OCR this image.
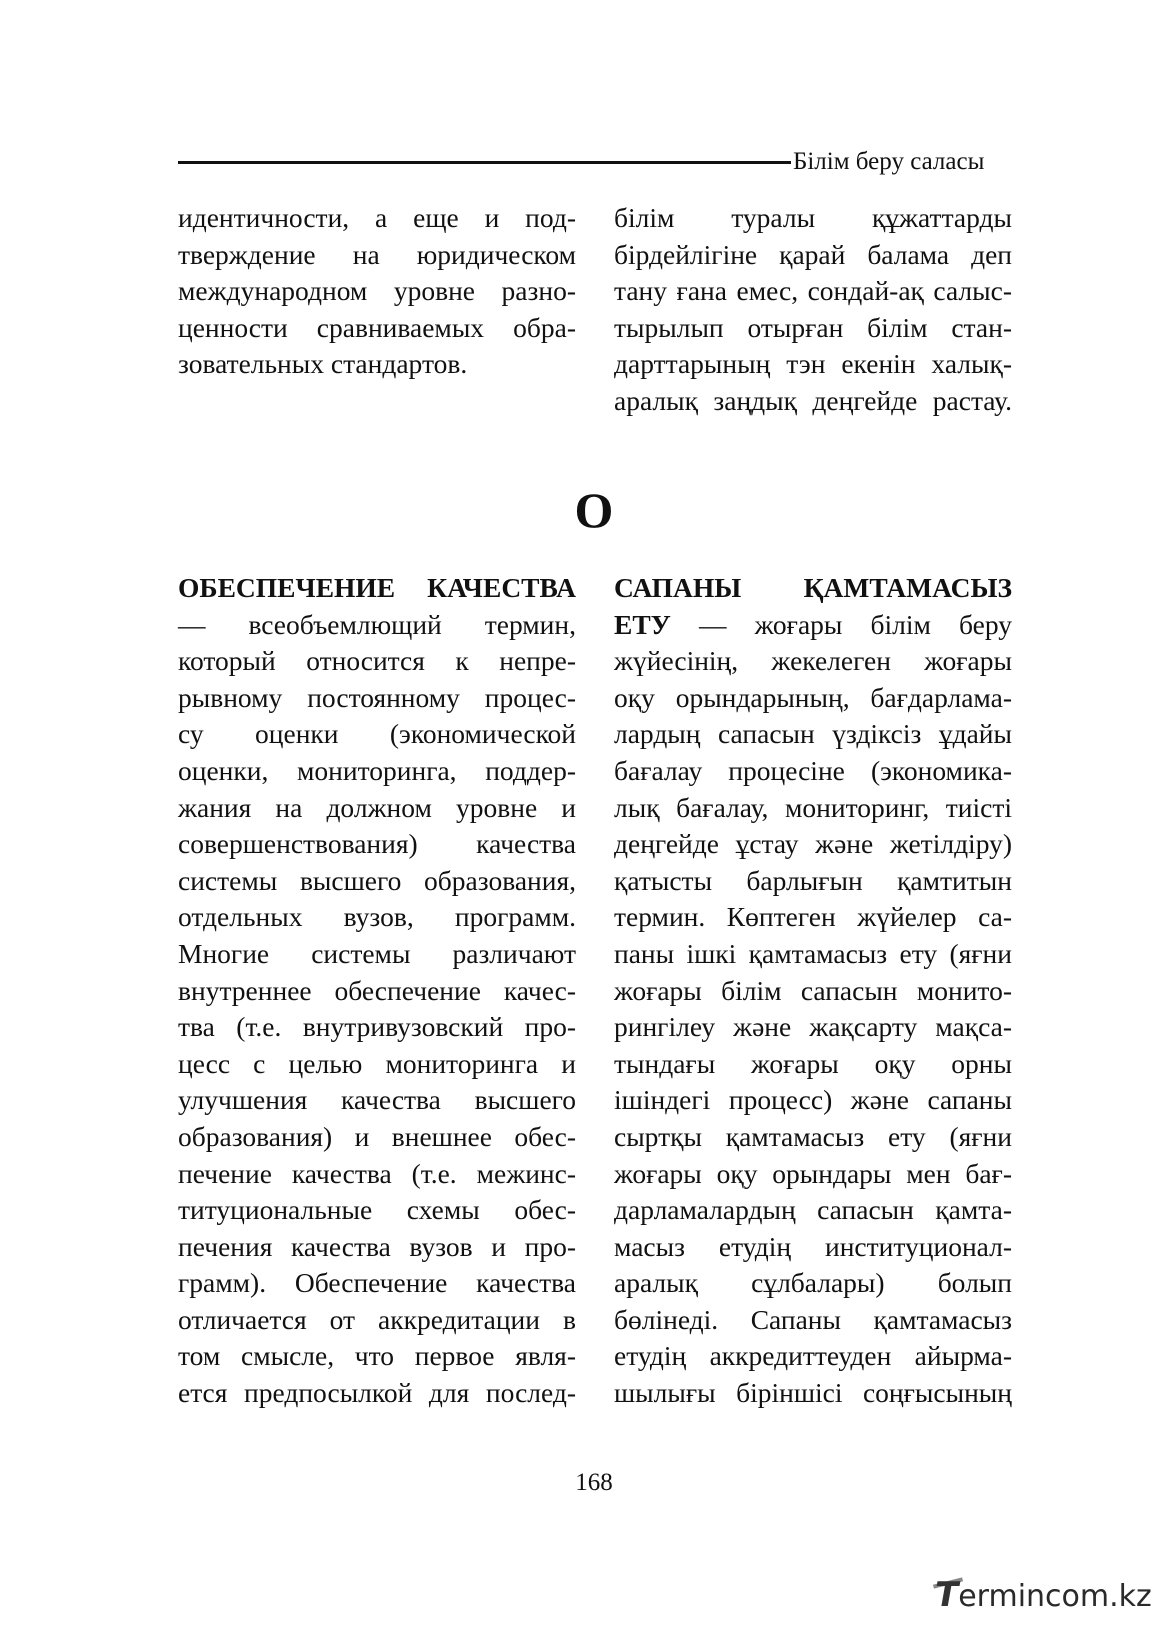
Білім беру саласы
идентичности, а еще и под-
тверждение на юридическом
международном уровне разно-
ценности сравниваемых обра-
зовательных стандартов.
білім туралы құжаттарды
бірдейлігіне қарай балама деп
тану ғана емес, сондай-ақ салыс-
тырылып отырған білім стан-
дарттарының тэн екенін халық-
аралық заңдық деңгейде растау.
О
ОБЕСПЕЧЕНИЕ КАЧЕСТВА
— всеобъемлющий термин,
который относится к непре-
рывному постоянному процес-
су оценки (экономической
оценки, мониторинга, поддер-
жания на должном уровне и
совершенствования) качества
системы высшего образования,
отдельных вузов, программ.
Многие системы различают
внутреннее обеспечение качес-
тва (т.е. внутривузовский про-
цесс с целью мониторинга и
улучшения качества высшего
образования) и внешнее обес-
печение качества (т.е. межинс-
титуциональные схемы обес-
печения качества вузов и про-
грамм). Обеспечение качества
отличается от аккредитации в
том смысле, что первое явля-
ется предпосылкой для послед-
САПАНЫ ҚАМТАМАСЫЗ
ЕТУ — жоғары білім беру
жүйесінің, жекелеген жоғары
оқу орындарының, бағдарлама-
лардың сапасын үздіксіз ұдайы
бағалау процесіне (экономика-
лық бағалау, мониторинг, тиісті
деңгейде ұстау және жетілдіру)
қатысты барлығын қамтитын
термин. Көптеген жүйелер са-
паны ішкі қамтамасыз ету (яғни
жоғары білім сапасын монито-
рингілеу және жақсарту мақса-
тындағы жоғары оқу орны
ішіндегі процесс) және сапаны
сыртқы қамтамасыз ету (яғни
жоғары оқу орындары мен бағ-
дарламалардың сапасын қамта-
масыз етудің институционал-
аралық сұлбалары) болып
бөлінеді. Сапаны қамтамасыз
етудің аккредиттеуден айырма-
шылығы біріншісі соңғысының
168
Termincom.kz
